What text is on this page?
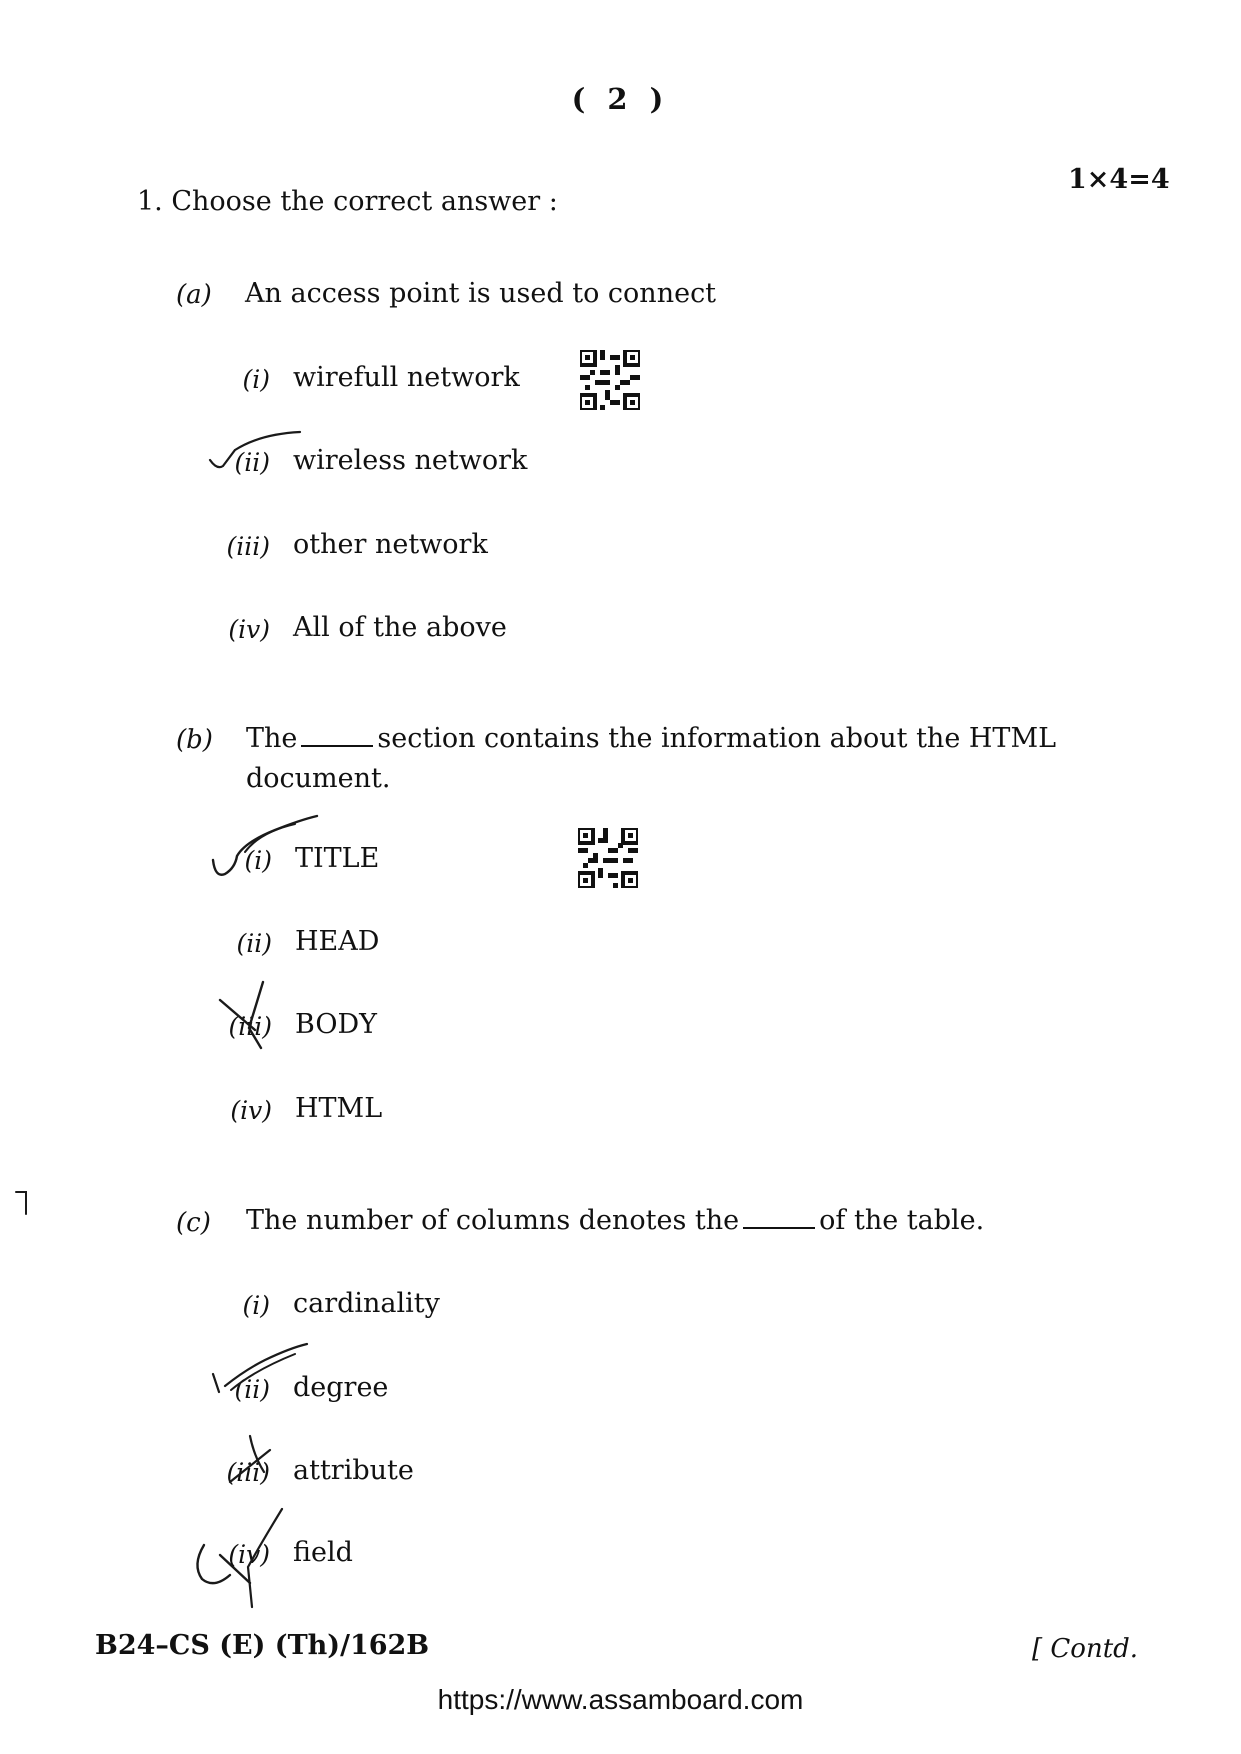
( 2 )
1×4=4
1. Choose the correct answer :
(a) An access point is used to connect
(i) wirefull network
(ii) wireless network
(iii) other network
(iv) All of the above
(b) The	section contains the information about the HTML
document.
(i) TITLE
(ii) HEAD
(iii) BODY
(iv) HTML
(c) The number of columns denotes the	of the table.
(i) cardinality
(ii) degree
(iii) attribute
(iv) field
B24–CS (E) (Th)/162B	[ Contd.
https://www.assamboard.com
